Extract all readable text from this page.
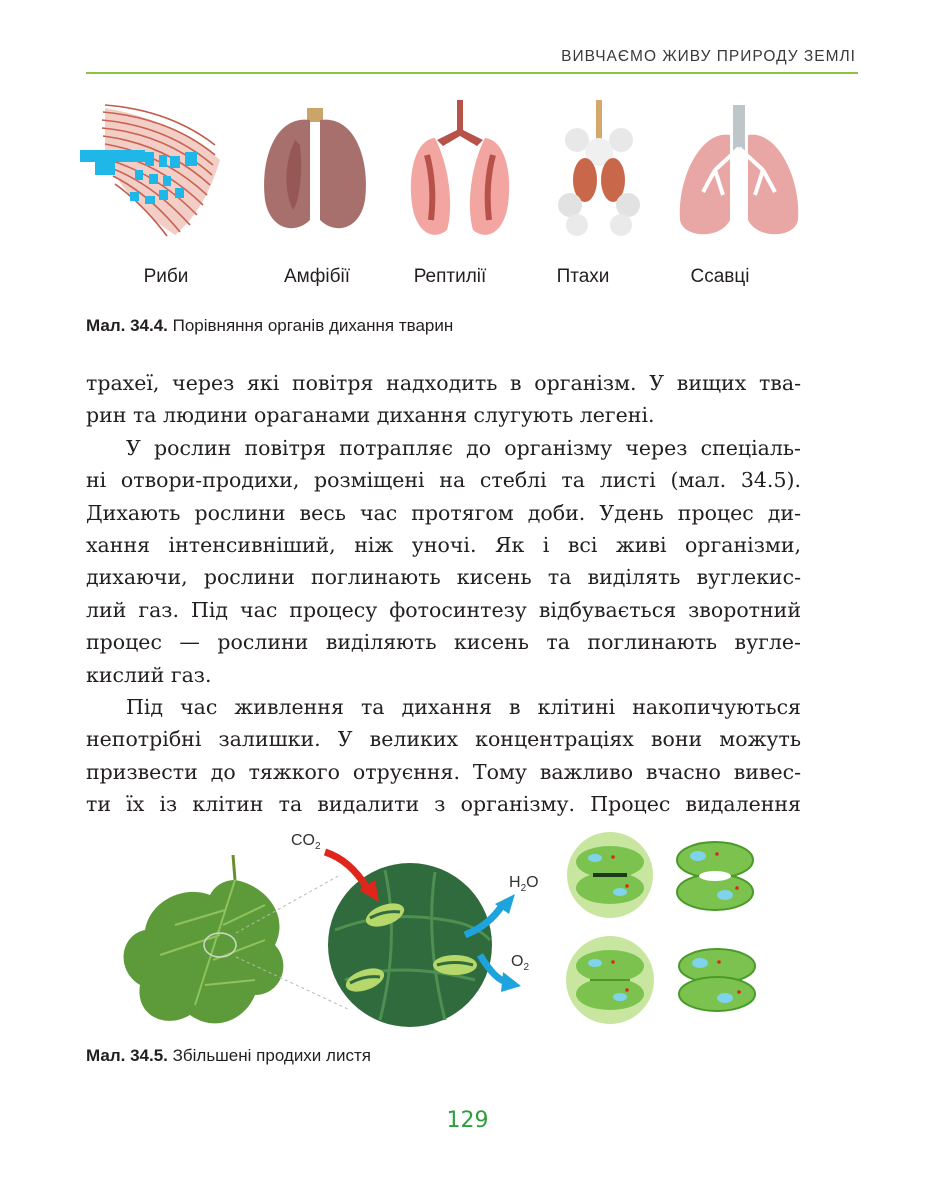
ВИВЧАЄМО ЖИВУ ПРИРОДУ ЗЕМЛІ
Риби	Амфібії	Рептилії	Птахи	Ссавці
Мал. 34.4. Порівняння органів дихання тварин
трахеї, через які повітря надходить в організм. У вищих тва-
рин та людини ораганами дихання слугують легені.
У рослин повітря потрапляє до організму через спеціаль-
ні отвори-продихи, розміщені на стеблі та листі (мал. 34.5).
Дихають рослини весь час протягом доби. Удень процес ди-
хання інтенсивніший, ніж уночі. Як і всі живі організми,
дихаючи, рослини поглинають кисень та виділять вуглекис-
лий газ. Під час процесу фотосинтезу відбувається зворотний
процес — рослини виділяють кисень та поглинають вугле-
кислий газ.
Під час живлення та дихання в клітині накопичуються
непотрібні залишки. У великих концентраціях вони можуть
призвести до тяжкого отруєння. Тому важливо вчасно вивес-
ти їх із клітин та видалити з організму. Процес видалення
$CO_2$
$H_2O$
$O_2$
Мал. 34.5. Збільшені продихи листя
129
